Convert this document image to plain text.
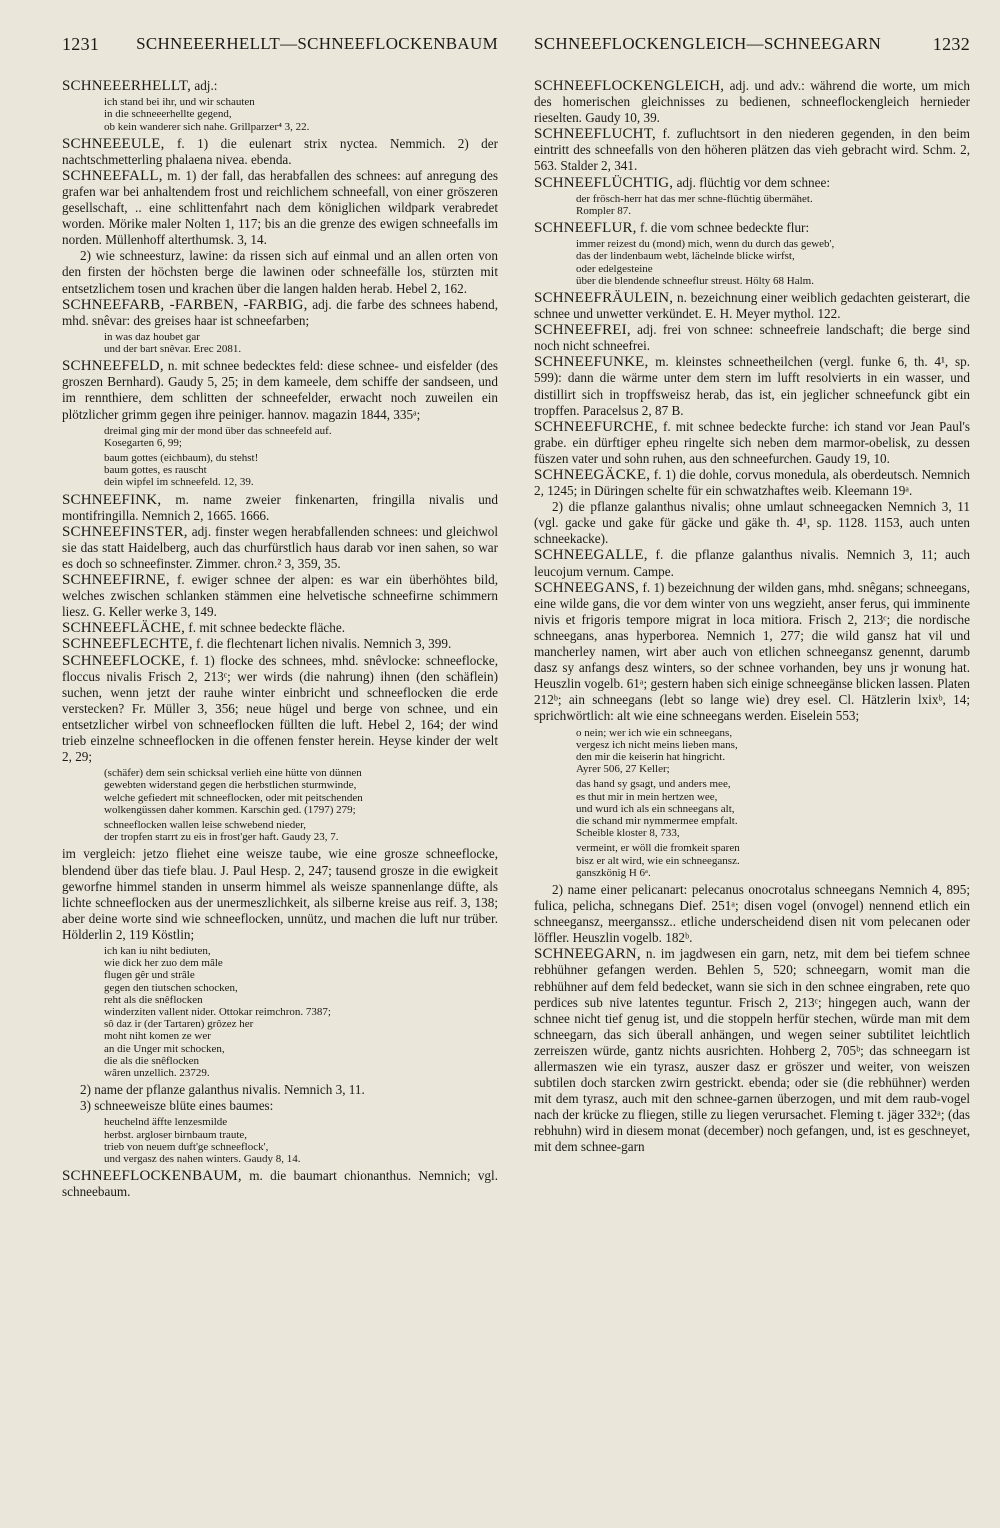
1231 SCHNEEERHELLT—SCHNEEFLOCKENBAUM SCHNEEFLOCKENGLEICH—SCHNEEGARN	1232

SCHNEEERHELLT, adj.:

ich stand bei ihr, und wir schauten
in die schneeerhellte gegend,
ob kein wanderer sich nahe. Grillparzer⁴ 3, 22.

SCHNEEEULE, f. 1) die eulenart strix nyctea. Nemmich. 2) der nachtschmetterling phalaena nivea. ebenda.

SCHNEEFALL, m. 1) der fall, das herabfallen des schnees: auf anregung des grafen war bei anhaltendem frost und reichlichem schneefall, von einer gröszeren gesellschaft, .. eine schlittenfahrt nach dem königlichen wildpark verabredet worden. Mörike maler Nolten 1, 117; bis an die grenze des ewigen schneefalls im norden. Müllenhoff alterthumsk. 3, 14.

2) wie schneesturz, lawine: da rissen sich auf einmal und an allen orten von den firsten der höchsten berge die lawinen oder schneefälle los, stürzten mit entsetzlichem tosen und krachen über die langen halden herab. Hebel 2, 162.

SCHNEEFARB, -FARBEN, -FARBIG, adj. die farbe des schnees habend, mhd. snêvar: des greises haar ist schneefarben;

in was daz houbet gar
und der bart snêvar. Erec 2081.

SCHNEEFELD, n. mit schnee bedecktes feld: diese schnee- und eisfelder (des groszen Bernhard). Gaudy 5, 25; in dem kameele, dem schiffe der sandseen, und im rennthiere, dem schlitten der schneefelder, erwacht noch zuweilen ein plötzlicher grimm gegen ihre peiniger. hannov. magazin 1844, 335ᵃ;

dreimal ging mir der mond über das schneefeld auf.
Kosegarten 6, 99;

baum gottes (eichbaum), du stehst!
baum gottes, es rauscht
dein wipfel im schneefeld. 12, 39.

SCHNEEFINK, m. name zweier finkenarten, fringilla nivalis und montifringilla. Nemnich 2, 1665. 1666.

SCHNEEFINSTER, adj. finster wegen herabfallenden schnees: und gleichwol sie das statt Haidelberg, auch das churfürstlich haus darab vor inen sahen, so war es doch so schneefinster. Zimmer. chron.² 3, 359, 35.

SCHNEEFIRNE, f. ewiger schnee der alpen: es war ein überhöhtes bild, welches zwischen schlanken stämmen eine helvetische schneefirne schimmern liesz. G. Keller werke 3, 149.

SCHNEEFLÄCHE, f. mit schnee bedeckte fläche.

SCHNEEFLECHTE, f. die flechtenart lichen nivalis. Nemnich 3, 399.

SCHNEEFLOCKE, f. 1) flocke des schnees, mhd. snêvlocke: schneeflocke, floccus nivalis Frisch 2, 213ᶜ; wer wirds (die nahrung) ihnen (den schäflein) suchen, wenn jetzt der rauhe winter einbricht und schneeflocken die erde verstecken? Fr. Müller 3, 356; neue hügel und berge von schnee, und ein entsetzlicher wirbel von schneeflocken füllten die luft. Hebel 2, 164; der wind trieb einzelne schneeflocken in die offenen fenster herein. Heyse kinder der welt 2, 29;

(schäfer) dem sein schicksal verlieh eine hütte von dünnen
gewebten widerstand gegen die herbstlichen sturmwinde,
welche gefiedert mit schneeflocken, oder mit peitschenden
wolkengüssen daher kommen. Karschin ged. (1797) 279;

schneeflocken wallen leise schwebend nieder,
der tropfen starrt zu eis in frost'ger haft. Gaudy 23, 7.

im vergleich: jetzo fliehet eine weisze taube, wie eine grosze schneeflocke, blendend über das tiefe blau. J. Paul Hesp. 2, 247; tausend grosze in die ewigkeit geworfne himmel standen in unserm himmel als weisze spannenlange düfte, als lichte schneeflocken aus der unermeszlichkeit, als silberne kreise aus reif. 3, 138; aber deine worte sind wie schneeflocken, unnütz, und machen die luft nur trüber. Hölderlin 2, 119 Köstlin;

ich kan iu niht bediuten,
wie dick her zuo dem mâle
flugen gêr und strâle
gegen den tiutschen schocken,
reht als die snêflocken
winderziten vallent nider. Ottokar reimchron. 7387;
sô daz ir (der Tartaren) grôzez her
moht niht komen ze wer
an die Unger mit schocken,
die als die snêflocken
wâren unzellich. 23729.

2) name der pflanze galanthus nivalis. Nemnich 3, 11.

3) schneeweisze blüte eines baumes:

heuchelnd äffte lenzesmilde
herbst. argloser birnbaum traute,
trieb von neuem duft'ge schneeflock',
und vergasz des nahen winters. Gaudy 8, 14.

SCHNEEFLOCKENBAUM, m. die baumart chionanthus. Nemnich; vgl. schneebaum.

SCHNEEFLOCKENGLEICH, adj. und adv.: während die worte, um mich des homerischen gleichnisses zu bedienen, schneeflockengleich hernieder rieselten. Gaudy 10, 39.

SCHNEEFLUCHT, f. zufluchtsort in den niederen gegenden, in den beim eintritt des schneefalls von den höheren plätzen das vieh gebracht wird. Schm. 2, 563. Stalder 2, 341.

SCHNEEFLÜCHTIG, adj. flüchtig vor dem schnee:

der frösch-herr hat das mer schne-flüchtig übermähet.
Rompler 87.

SCHNEEFLUR, f. die vom schnee bedeckte flur:

immer reizest du (mond) mich, wenn du durch das geweb',
das der lindenbaum webt, lächelnde blicke wirfst,
oder edelgesteine
über die blendende schneeflur streust. Hölty 68 Halm.

SCHNEEFRÄULEIN, n. bezeichnung einer weiblich gedachten geisterart, die schnee und unwetter verkündet. E. H. Meyer mythol. 122.

SCHNEEFREI, adj. frei von schnee: schneefreie landschaft; die berge sind noch nicht schneefrei.

SCHNEEFUNKE, m. kleinstes schneetheilchen (vergl. funke 6, th. 4¹, sp. 599): dann die wärme unter dem stern im lufft resolvierts in ein wasser, und distillirt sich in tropffsweisz herab, das ist, ein jeglicher schneefunck gibt ein tropffen. Paracelsus 2, 87 B.

SCHNEEFURCHE, f. mit schnee bedeckte furche: ich stand vor Jean Paul's grabe. ein dürftiger epheu ringelte sich neben dem marmor-obelisk, zu dessen füszen vater und sohn ruhen, aus den schneefurchen. Gaudy 19, 10.

SCHNEEGÄCKE, f. 1) die dohle, corvus monedula, als oberdeutsch. Nemnich 2, 1245; in Düringen schelte für ein schwatzhaftes weib. Kleemann 19ᵃ.

2) die pflanze galanthus nivalis; ohne umlaut schneegacken Nemnich 3, 11 (vgl. gacke und gake für gäcke und gäke th. 4¹, sp. 1128. 1153, auch unten schneekacke).

SCHNEEGALLE, f. die pflanze galanthus nivalis. Nemnich 3, 11; auch leucojum vernum. Campe.

SCHNEEGANS, f. 1) bezeichnung der wilden gans, mhd. snêgans; schneegans, eine wilde gans, die vor dem winter von uns wegzieht, anser ferus, qui imminente nivis et frigoris tempore migrat in loca mitiora. Frisch 2, 213ᶜ; die nordische schneegans, anas hyperborea. Nemnich 1, 277; die wild gansz hat vil und mancherley namen, wirt aber auch von etlichen schneegansz genennt, darumb dasz sy anfangs desz winters, so der schnee vorhanden, bey uns jr wonung hat. Heuszlin vogelb. 61ᵃ; gestern haben sich einige schneegänse blicken lassen. Platen 212ᵇ; ain schneegans (lebt so lange wie) drey esel. Cl. Hätzlerin lxixᵇ, 14; sprichwörtlich: alt wie eine schneegans werden. Eiselein 553;

o nein; wer ich wie ein schneegans,
vergesz ich nicht meins lieben mans,
den mir die keiserin hat hingricht.
Ayrer 506, 27 Keller;

das hand sy gsagt, und anders mee,
es thut mir in mein hertzen wee,
und wurd ich als ein schneegans alt,
die schand mir nymmermee empfalt.
Scheible kloster 8, 733,

vermeint, er wöll die fromkeit sparen
bisz er alt wird, wie ein schneegansz.
ganszkönig H 6ᵃ.

2) name einer pelicanart: pelecanus onocrotalus schneegans Nemnich 4, 895; fulica, pelicha, schnegans Dief. 251ᵃ; disen vogel (onvogel) nennend etlich ein schneegansz, meerganssz.. etliche underscheidend disen nit vom pelecanen oder löffler. Heuszlin vogelb. 182ᵇ.

SCHNEEGARN, n. im jagdwesen ein garn, netz, mit dem bei tiefem schnee rebhühner gefangen werden. Behlen 5, 520; schneegarn, womit man die rebhühner auf dem feld bedecket, wann sie sich in den schnee eingraben, rete quo perdices sub nive latentes teguntur. Frisch 2, 213ᶜ; hingegen auch, wann der schnee nicht tief genug ist, und die stoppeln herfür stechen, würde man mit dem schneegarn, das sich überall anhängen, und wegen seiner subtilitet leichtlich zerreiszen würde, gantz nichts ausrichten. Hohberg 2, 705ᵇ; das schneegarn ist allermaszen wie ein tyrasz, auszer dasz er gröszer und weiter, von weiszen subtilen doch starcken zwirn gestrickt. ebenda; oder sie (die rebhühner) werden mit dem tyrasz, auch mit den schnee-garnen überzogen, und mit dem raub-vogel nach der krücke zu fliegen, stille zu liegen verursachet. Fleming t. jäger 332ᵃ; (das rebhuhn) wird in diesem monat (december) noch gefangen, und, ist es geschneyet, mit dem schnee-garn
